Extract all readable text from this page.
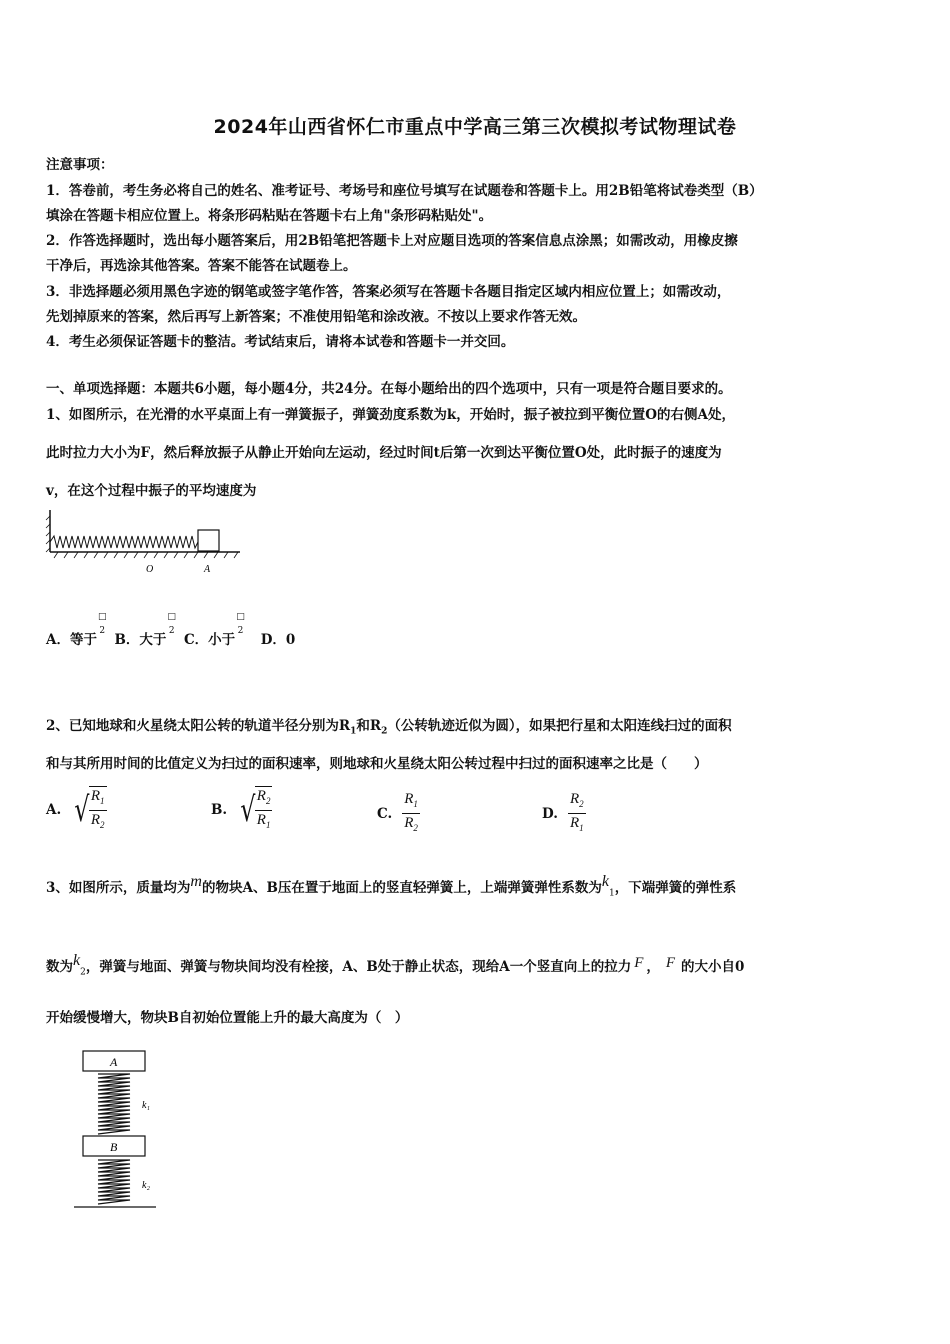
2024年山西省怀仁市重点中学高三第三次模拟考试物理试卷
注意事项：
1．答卷前，考生务必将自己的姓名、准考证号、考场号和座位号填写在试题卷和答题卡上。用2B铅笔将试卷类型（B）
填涂在答题卡相应位置上。将条形码粘贴在答题卡右上角"条形码粘贴处"。
2．作答选择题时，选出每小题答案后，用2B铅笔把答题卡上对应题目选项的答案信息点涂黑；如需改动，用橡皮擦
干净后，再选涂其他答案。答案不能答在试题卷上。
3．非选择题必须用黑色字迹的钢笔或签字笔作答，答案必须写在答题卡各题目指定区域内相应位置上；如需改动，
先划掉原来的答案，然后再写上新答案；不准使用铅笔和涂改液。不按以上要求作答无效。
4．考生必须保证答题卡的整洁。考试结束后，请将本试卷和答题卡一并交回。
一、单项选择题：本题共6小题，每小题4分，共24分。在每小题给出的四个选项中，只有一项是符合题目要求的。
1、如图所示，在光滑的水平桌面上有一弹簧振子，弹簧劲度系数为k，开始时，振子被拉到平衡位置O的右侧A处，
此时拉力大小为F，然后释放振子从静止开始向左运动，经过时间t后第一次到达平衡位置O处，此时振子的速度为
v，在这个过程中振子的平均速度为
O	A
A．等于
□
2
B．大于
□
2
C．小于
□
2
D．0
2、已知地球和火星绕太阳公转的轨道半径分别为$R_1$和$R_2$（公转轨迹近似为圆），如果把行星和太阳连线扫过的面积
和与其所用时间的比值定义为扫过的面积速率，则地球和火星绕太阳公转过程中扫过的面积速率之比是（　　）
A. √ $\frac{R_1}{R_2}$	B. √ $\frac{R_2}{R_1}$	C. $\frac{R_1}{R_2}$	D. $\frac{R_2}{R_1}$
3、如图所示，质量均为m的物块A、B压在置于地面上的竖直轻弹簧上，上端弹簧弹性系数为$k_1$，下端弹簧的弹性系
数为$k_2$，弹簧与地面、弹簧与物块间均没有栓接，A、B处于静止状态，现给A一个竖直向上的拉力 F ， F 的大小自0
开始缓慢增大，物块B自初始位置能上升的最大高度为（　）
A
k₁
B
k₂
